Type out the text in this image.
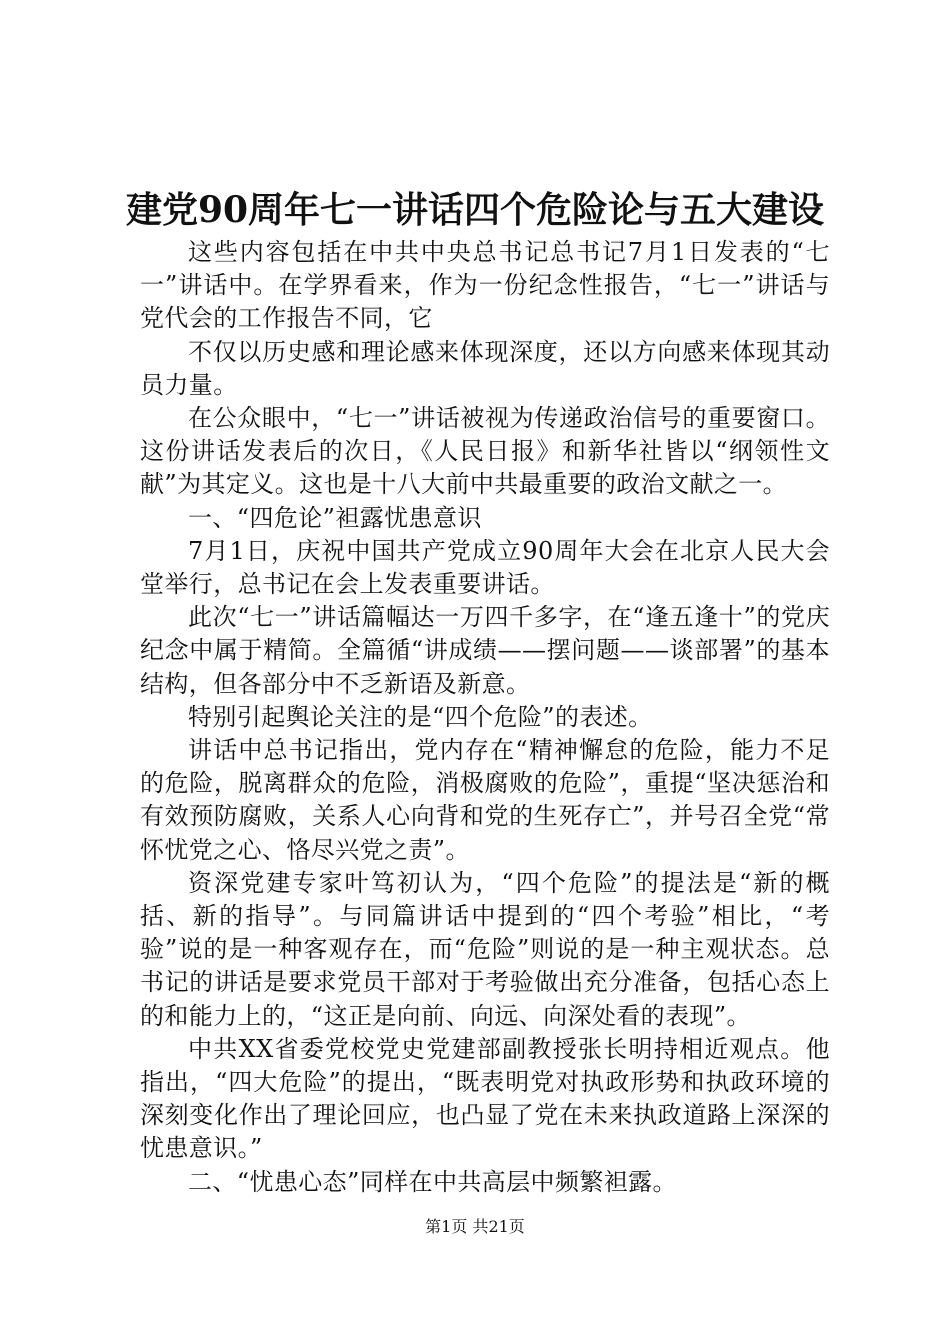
建党90周年七一讲话四个危险论与五大建设

这些内容包括在中共中央总书记总书记7月1日发表的“七一”讲话中。在学界看来，作为一份纪念性报告，“七一”讲话与党代会的工作报告不同，它

不仅以历史感和理论感来体现深度，还以方向感来体现其动员力量。

在公众眼中，“七一”讲话被视为传递政治信号的重要窗口。这份讲话发表后的次日，《人民日报》和新华社皆以“纲领性文献”为其定义。这也是十八大前中共最重要的政治文献之一。

一、“四危论”袒露忧患意识

7月1日，庆祝中国共产党成立90周年大会在北京人民大会堂举行，总书记在会上发表重要讲话。

此次“七一”讲话篇幅达一万四千多字，在“逢五逢十”的党庆纪念中属于精简。全篇循“讲成绩——摆问题——谈部署”的基本结构，但各部分中不乏新语及新意。

特别引起舆论关注的是“四个危险”的表述。

讲话中总书记指出，党内存在“精神懈怠的危险，能力不足的危险，脱离群众的危险，消极腐败的危险”，重提“坚决惩治和有效预防腐败，关系人心向背和党的生死存亡”，并号召全党“常怀忧党之心、恪尽兴党之责”。

资深党建专家叶笃初认为，“四个危险”的提法是“新的概括、新的指导”。与同篇讲话中提到的“四个考验”相比，“考验”说的是一种客观存在，而“危险”则说的是一种主观状态。总书记的讲话是要求党员干部对于考验做出充分准备，包括心态上的和能力上的，“这正是向前、向远、向深处看的表现”。

中共XX省委党校党史党建部副教授张长明持相近观点。他指出，“四大危险”的提出，“既表明党对执政形势和执政环境的深刻变化作出了理论回应，也凸显了党在未来执政道路上深深的忧患意识。”

二、“忧患心态”同样在中共高层中频繁袒露。

第1页 共21页
